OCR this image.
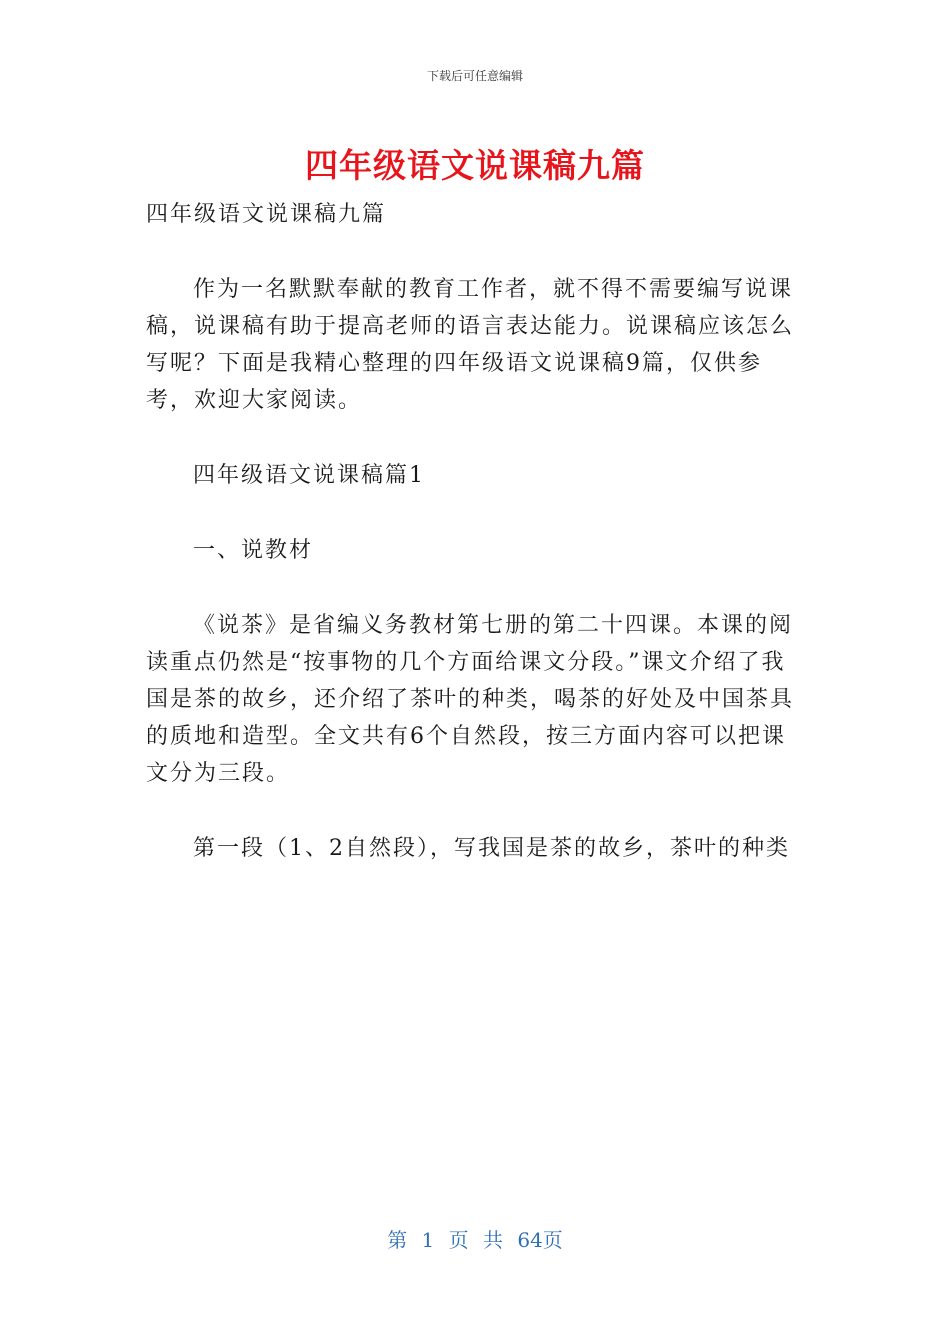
下载后可任意编辑
四年级语文说课稿九篇

四年级语文说课稿九篇

作为一名默默奉献的教育工作者，就不得不需要编写说课稿，说课稿有助于提高老师的语言表达能力。说课稿应该怎么写呢？下面是我精心整理的四年级语文说课稿9篇，仅供参考，欢迎大家阅读。

四年级语文说课稿篇1

一、说教材

《说茶》是省编义务教材第七册的第二十四课。本课的阅读重点仍然是“按事物的几个方面给课文分段。”课文介绍了我国是茶的故乡，还介绍了茶叶的种类，喝茶的好处及中国茶具的质地和造型。全文共有6个自然段，按三方面内容可以把课文分为三段。

第一段（1、2自然段），写我国是茶的故乡，茶叶的种类

第 1 页 共 64页
